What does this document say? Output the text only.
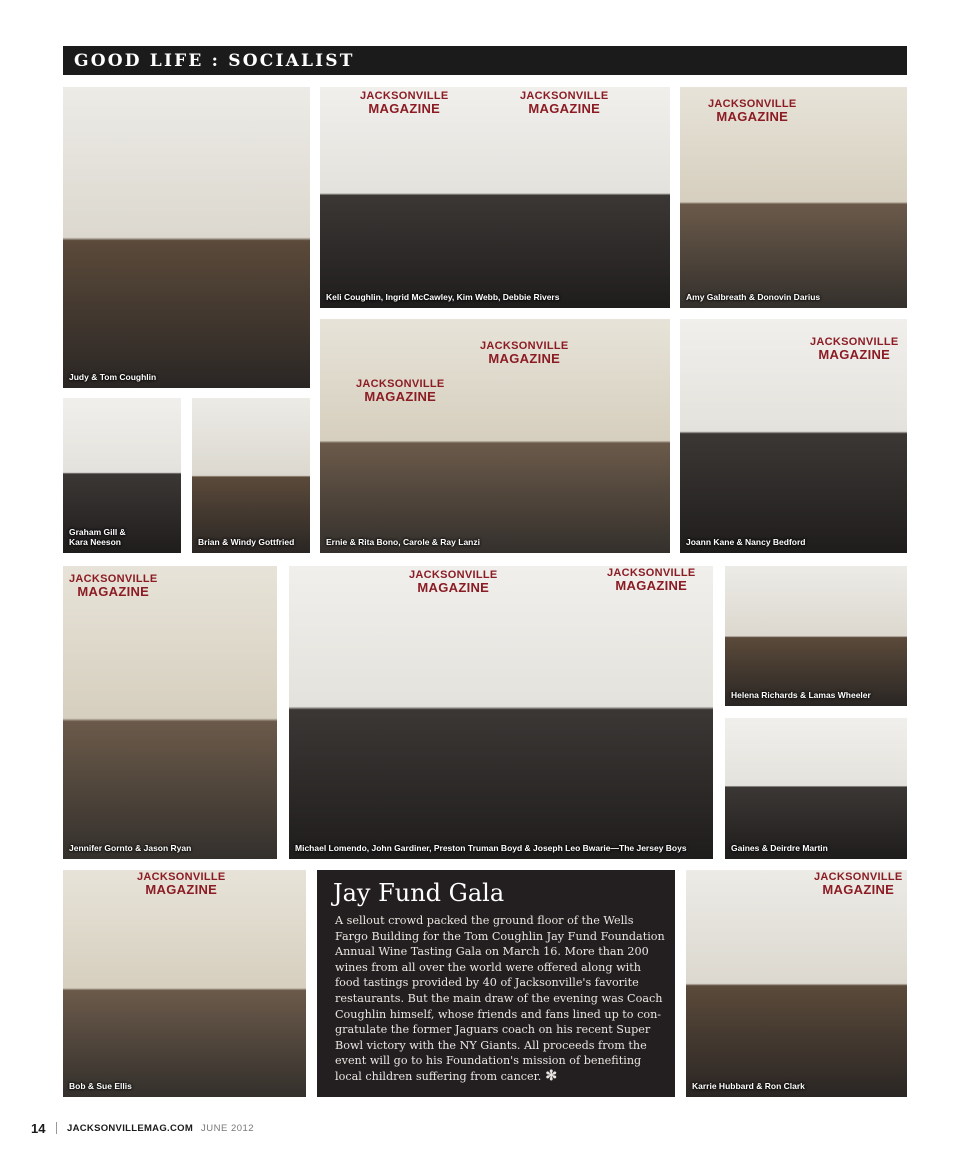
GOOD LIFE : SOCIALIST
Judy & Tom Coughlin
JACKSONVILLE
MAGAZINE
JACKSONVILLE
MAGAZINE
Keli Coughlin, Ingrid McCawley, Kim Webb, Debbie Rivers
JACKSONVILLE
MAGAZINE
Amy Galbreath & Donovin Darius
Graham Gill &
Kara Neeson	Brian & Windy Gottfried
JACKSONVILLE
MAGAZINE
JACKSONVILLE
MAGAZINE
Ernie & Rita Bono, Carole & Ray Lanzi
JACKSONVILLE
MAGAZINE
Joann Kane & Nancy Bedford
JACKSONVILLE
MAGAZINE
Jennifer Gornto & Jason Ryan
JACKSONVILLE
MAGAZINE
JACKSONVILLE
MAGAZINE
Michael Lomendo, John Gardiner, Preston Truman Boyd & Joseph Leo Bwarie—The Jersey Boys
Helena Richards & Lamas Wheeler
Gaines & Deirdre Martin
JACKSONVILLE
MAGAZINE
Bob & Sue Ellis
Jay Fund Gala

A sellout crowd packed the ground floor of the Wells Fargo Building for the Tom Coughlin Jay Fund Foundation Annual Wine Tasting Gala on March 16. More than 200 wines from all over the world were offered along with food tastings provided by 40 of Jacksonville's favorite restaurants. But the main draw of the evening was Coach Coughlin himself, whose friends and fans lined up to con-gratulate the former Jaguars coach on his recent Super Bowl victory with the NY Giants. All proceeds from the event will go to his Foundation's mission of benefiting local children suffering from cancer. ✻

JACKSONVILLE
MAGAZINE
Karrie Hubbard & Ron Clark
14 JACKSONVILLEMAG.COM JUNE 2012
